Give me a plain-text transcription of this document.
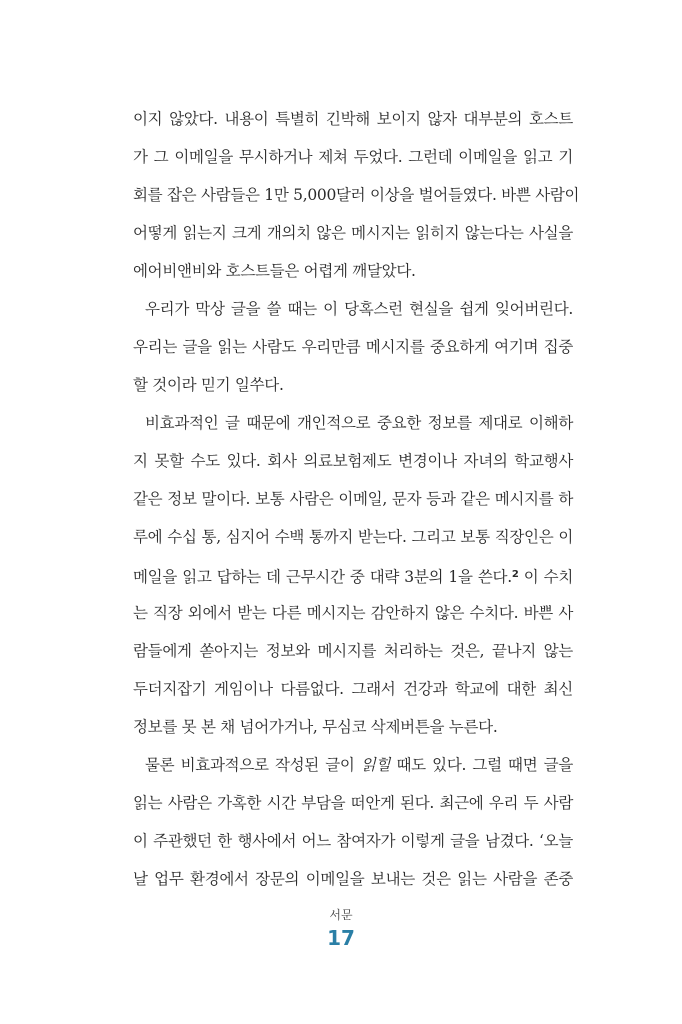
이지 않았다. 내용이 특별히 긴박해 보이지 않자 대부분의 호스트
가 그 이메일을 무시하거나 제쳐 두었다. 그런데 이메일을 읽고 기
회를 잡은 사람들은 1만 5,000달러 이상을 벌어들였다. 바쁜 사람이
어떻게 읽는지 크게 개의치 않은 메시지는 읽히지 않는다는 사실을
에어비앤비와 호스트들은 어렵게 깨달았다.
우리가 막상 글을 쓸 때는 이 당혹스런 현실을 쉽게 잊어버린다.
우리는 글을 읽는 사람도 우리만큼 메시지를 중요하게 여기며 집중
할 것이라 믿기 일쑤다.
비효과적인 글 때문에 개인적으로 중요한 정보를 제대로 이해하
지 못할 수도 있다. 회사 의료보험제도 변경이나 자녀의 학교행사
같은 정보 말이다. 보통 사람은 이메일, 문자 등과 같은 메시지를 하
루에 수십 통, 심지어 수백 통까지 받는다. 그리고 보통 직장인은 이
메일을 읽고 답하는 데 근무시간 중 대략 3분의 1을 쓴다.$^2$ 이 수치
는 직장 외에서 받는 다른 메시지는 감안하지 않은 수치다. 바쁜 사
람들에게 쏟아지는 정보와 메시지를 처리하는 것은, 끝나지 않는
두더지잡기 게임이나 다름없다. 그래서 건강과 학교에 대한 최신
정보를 못 본 채 넘어가거나, 무심코 삭제버튼을 누른다.
물론 비효과적으로 작성된 글이 읽힐 때도 있다. 그럴 때면 글을
읽는 사람은 가혹한 시간 부담을 떠안게 된다. 최근에 우리 두 사람
이 주관했던 한 행사에서 어느 참여자가 이렇게 글을 남겼다. ‘오늘
날 업무 환경에서 장문의 이메일을 보내는 것은 읽는 사람을 존중
서문
17
